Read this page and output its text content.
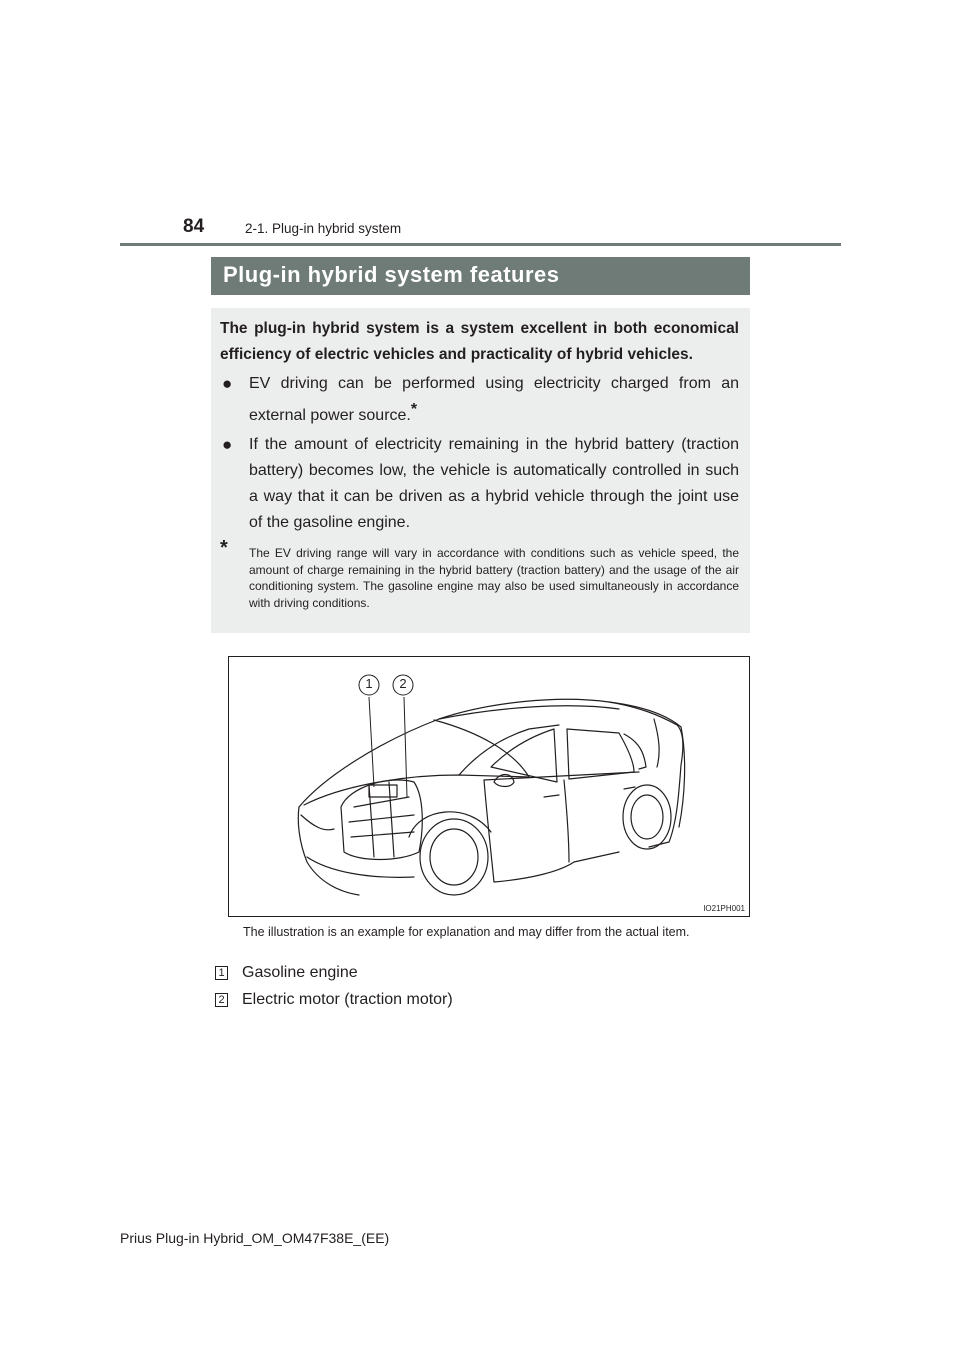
84	2-1. Plug-in hybrid system
Plug-in hybrid system features

The plug-in hybrid system is a system excellent in both economical efficiency of electric vehicles and practicality of hybrid vehicles.

● EV driving can be performed using electricity charged from an external power source.*
● If the amount of electricity remaining in the hybrid battery (traction battery) becomes low, the vehicle is automatically controlled in such a way that it can be driven as a hybrid vehicle through the joint use of the gasoline engine.
* The EV driving range will vary in accordance with conditions such as vehicle speed, the amount of charge remaining in the hybrid battery (traction battery) and the usage of the air conditioning system. The gasoline engine may also be used simultaneously in accordance with driving conditions.
1 2
IO21PH001
The illustration is an example for explanation and may differ from the actual item.
1 Gasoline engine
2 Electric motor (traction motor)
Prius Plug-in Hybrid_OM_OM47F38E_(EE)
